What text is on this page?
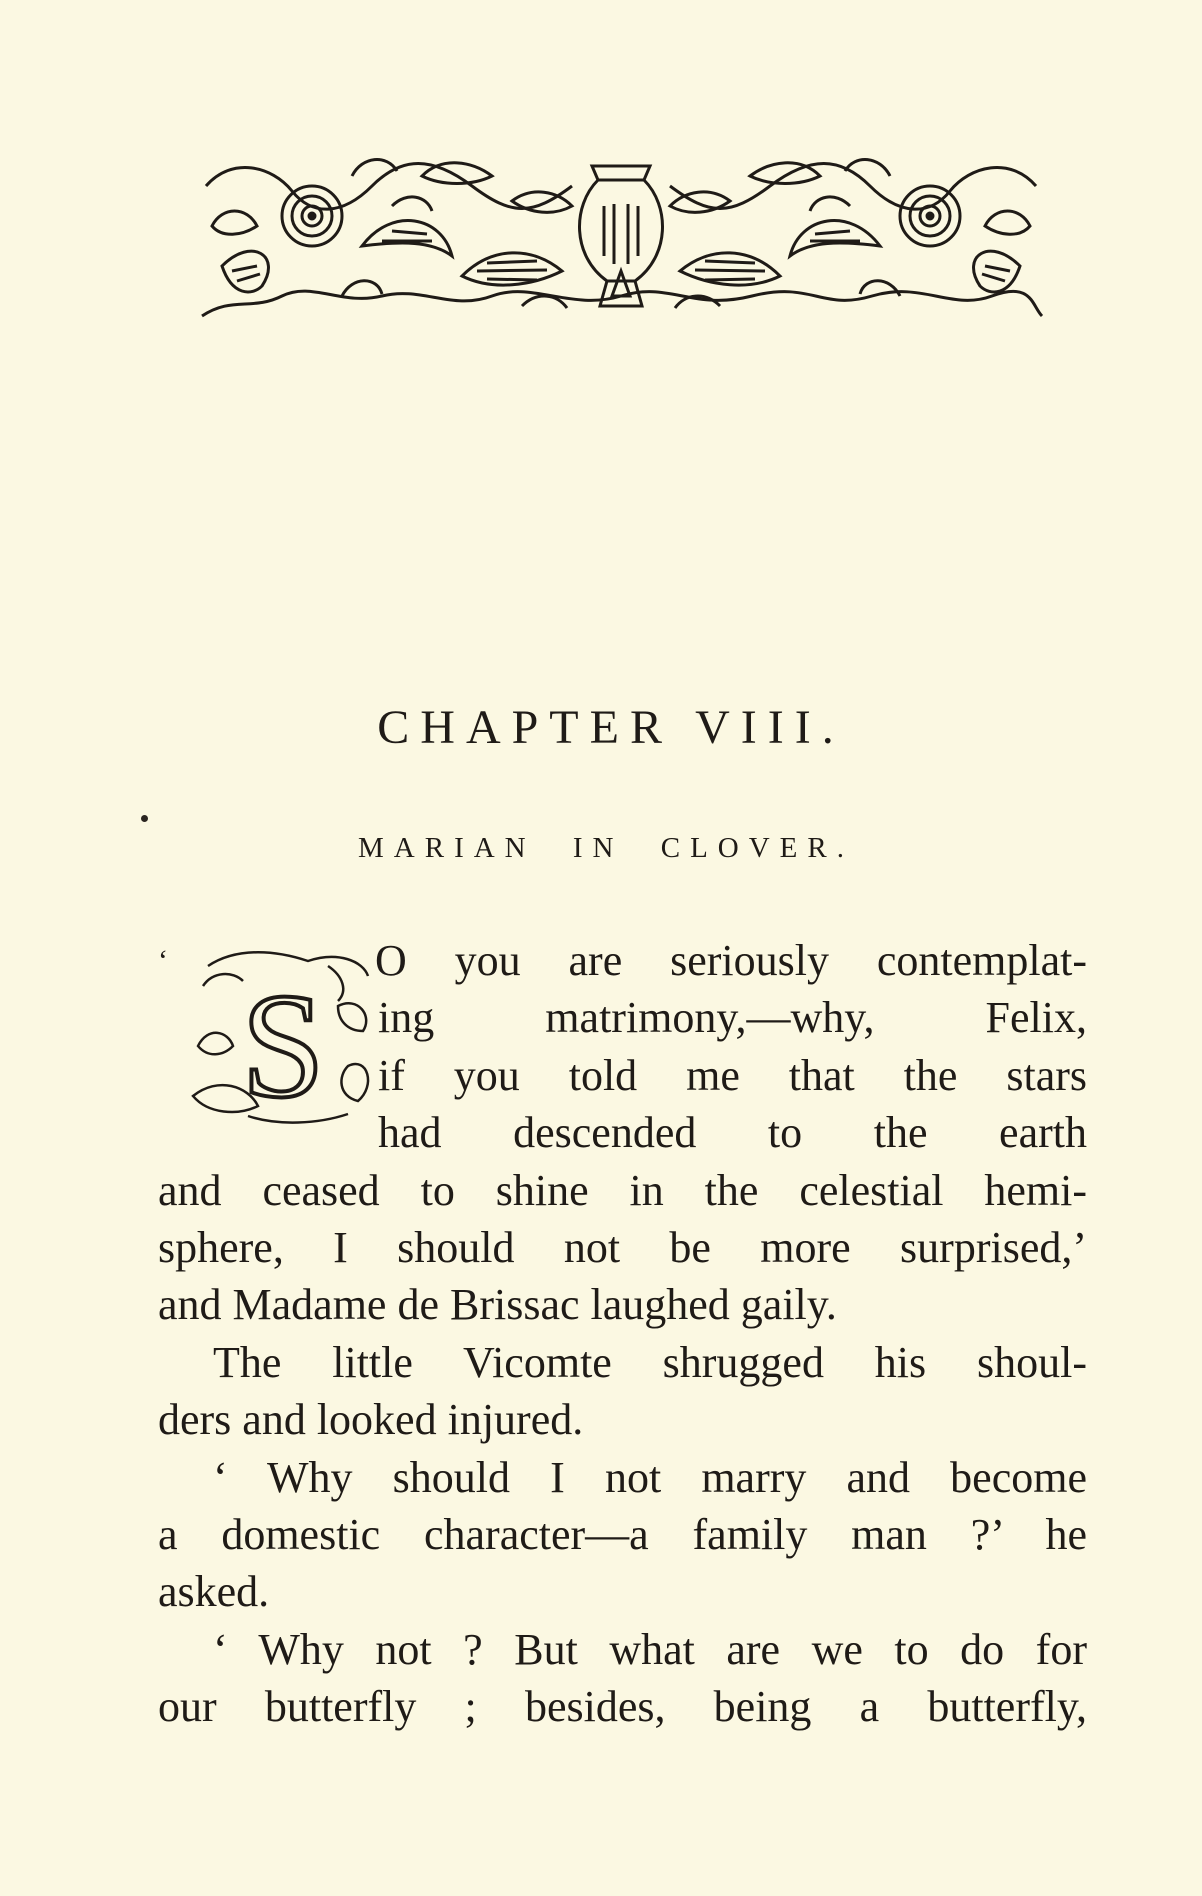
CHAPTER VIII.
MARIAN IN CLOVER.
‘
S
O you are seriously contemplat-
ing matrimony,—why, Felix,
if you told me that the stars
had descended to the earth
and ceased to shine in the celestial hemi-
sphere, I should not be more surprised,’
and Madame de Brissac laughed gaily.
The little Vicomte shrugged his shoul-
ders and looked injured.
‘ Why should I not marry and become
a domestic character—a family man ?’ he
asked.
‘ Why not ? But what are we to do for
our butterfly ; besides, being a butterfly,
